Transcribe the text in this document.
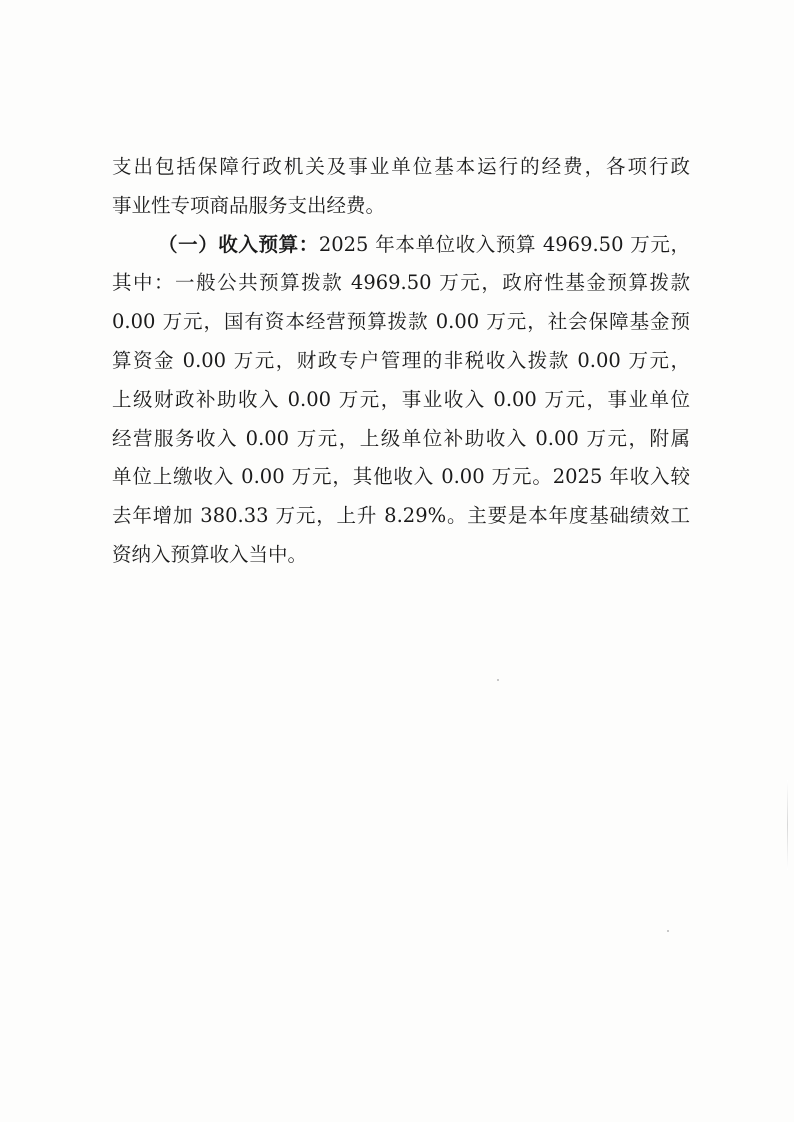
支出包括保障行政机关及事业单位基本运行的经费，各项行政
事业性专项商品服务支出经费。
（一）收入预算：2025 年本单位收入预算 4969.50 万元，
其中：一般公共预算拨款 4969.50 万元，政府性基金预算拨款
0.00 万元，国有资本经营预算拨款 0.00 万元，社会保障基金预
算资金 0.00 万元，财政专户管理的非税收入拨款 0.00 万元，
上级财政补助收入 0.00 万元，事业收入 0.00 万元，事业单位
经营服务收入 0.00 万元，上级单位补助收入 0.00 万元，附属
单位上缴收入 0.00 万元，其他收入 0.00 万元。2025 年收入较
去年增加 380.33 万元，上升 8.29%。主要是本年度基础绩效工
资纳入预算收入当中。
